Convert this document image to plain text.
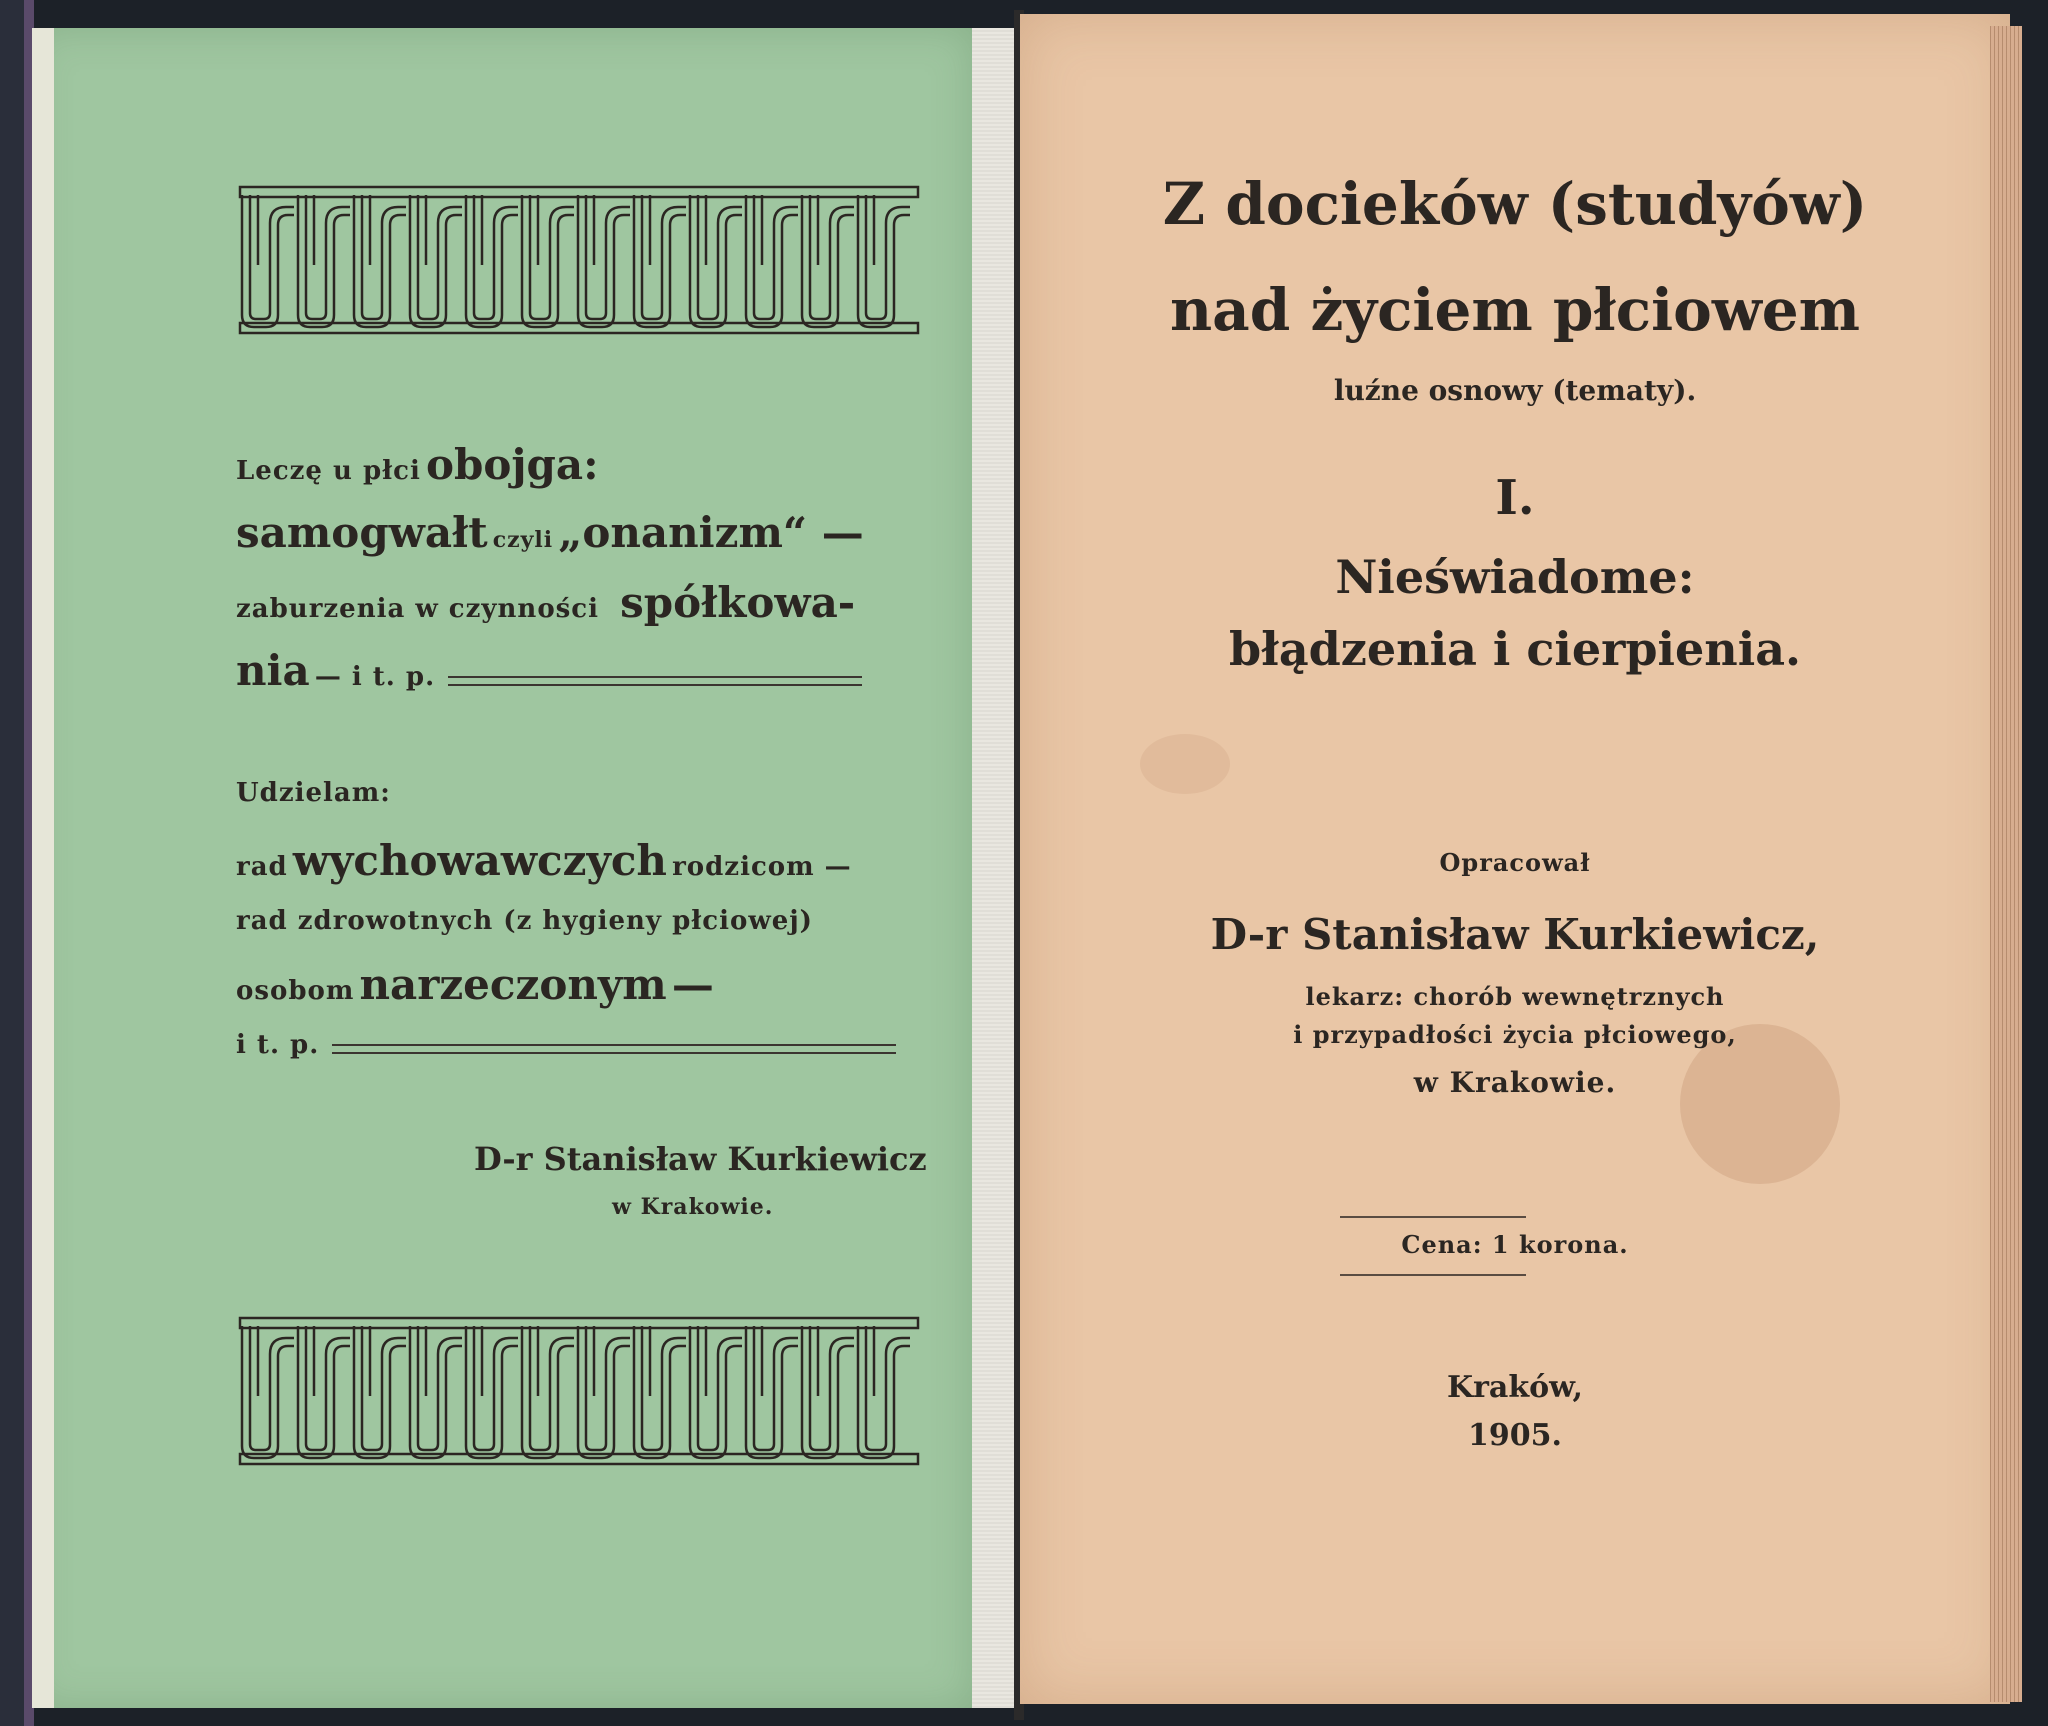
Leczę u płci obojga:
samogwałt czyli „onanizm“ —
zaburzenia w czynności spółkowa-
nia — i t. p.
Udzielam:
rad wychowawczych rodzicom —
rad zdrowotnych (z hygieny płciowej)
osobom narzeczonym —
i t. p.
D-r Stanisław Kurkiewicz
w Krakowie.
Z docieków (studyów)
nad życiem płciowem
luźne osnowy (tematy).
I.
Nieświadome:
błądzenia i cierpienia.
Opracował
D-r Stanisław Kurkiewicz,
lekarz: chorób wewnętrznych
i przypadłości życia płciowego,
w Krakowie.
Cena: 1 korona.
Kraków,
1905.
